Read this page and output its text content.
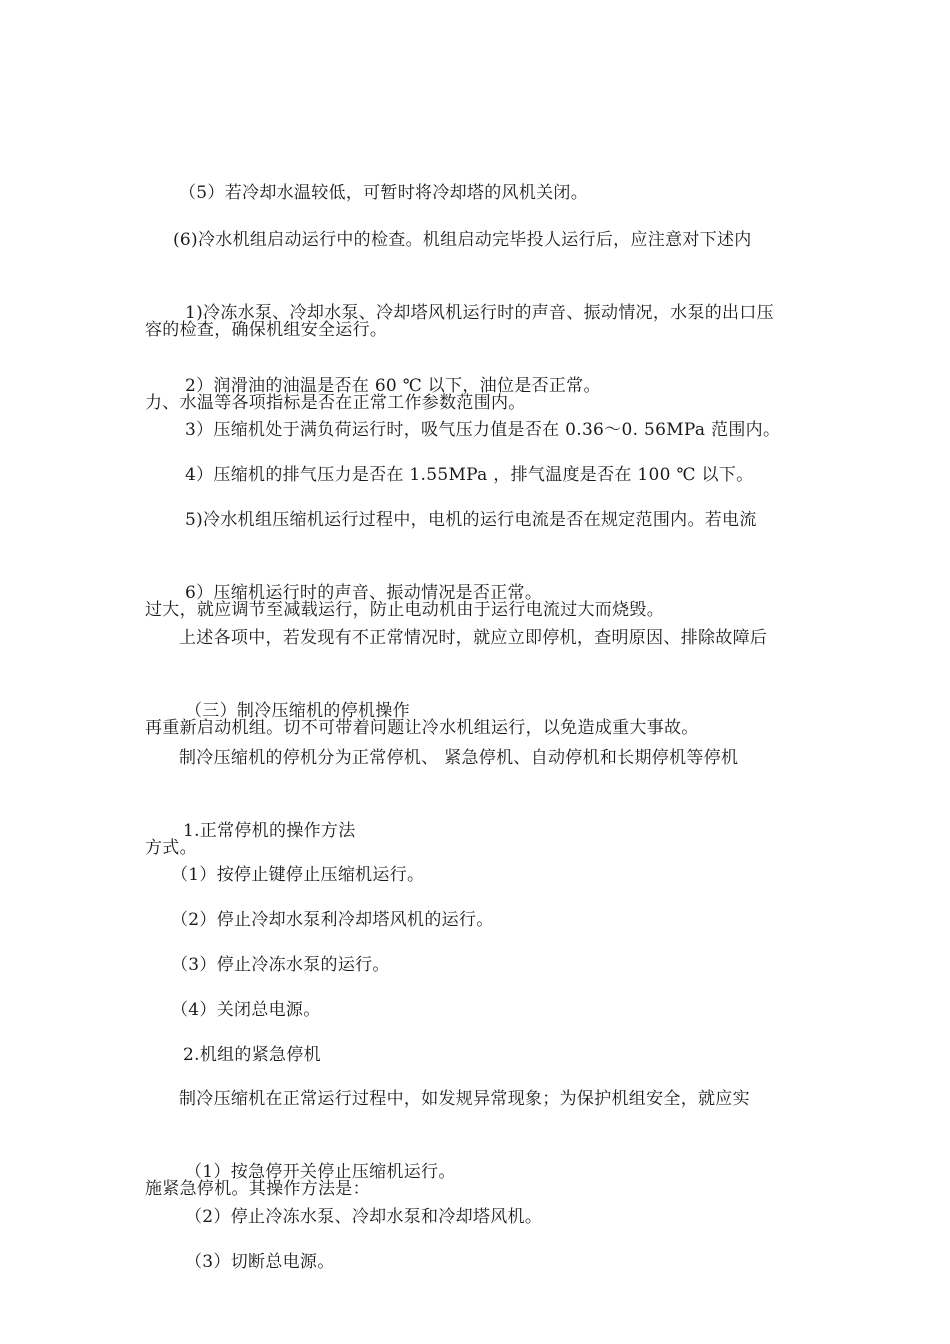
（5）若冷却水温较低，可暂时将冷却塔的风机关闭。

(6)冷水机组启动运行中的检查。机组启动完毕投人运行后，应注意对下述内

容的检查，确保机组安全运行。

1)冷冻水泵、冷却水泵、冷却塔风机运行时的声音、振动情况，水泵的出口压

力、水温等各项指标是否在正常工作参数范围内。

2）润滑油的油温是否在 60 ℃ 以下，油位是否正常。

3）压缩机处于满负荷运行时，吸气压力值是否在 0.36～0. 56MPa 范围内。

4）压缩机的排气压力是否在 1.55MPa ，排气温度是否在 100 ℃ 以下。

5)冷水机组压缩机运行过程中，电机的运行电流是否在规定范围内。若电流

过大，就应调节至减载运行，防止电动机由于运行电流过大而烧毁。

6）压缩机运行时的声音、振动情况是否正常。

上述各项中，若发现有不正常情况时，就应立即停机，查明原因、排除故障后

再重新启动机组。切不可带着问题让冷水机组运行，以免造成重大事故。

（三）制冷压缩机的停机操作

制冷压缩机的停机分为正常停机、 紧急停机、自动停机和长期停机等停机

方式。

1.正常停机的操作方法

（1）按停止键停止压缩机运行。

（2）停止冷却水泵利冷却塔风机的运行。

（3）停止冷冻水泵的运行。

（4）关闭总电源。

2.机组的紧急停机

制冷压缩机在正常运行过程中，如发规异常现象；为保护机组安全，就应实

施紧急停机。其操作方法是：

（1）按急停开关停止压缩机运行。

（2）停止冷冻水泵、冷却水泵和冷却塔风机。

（3）切断总电源。
